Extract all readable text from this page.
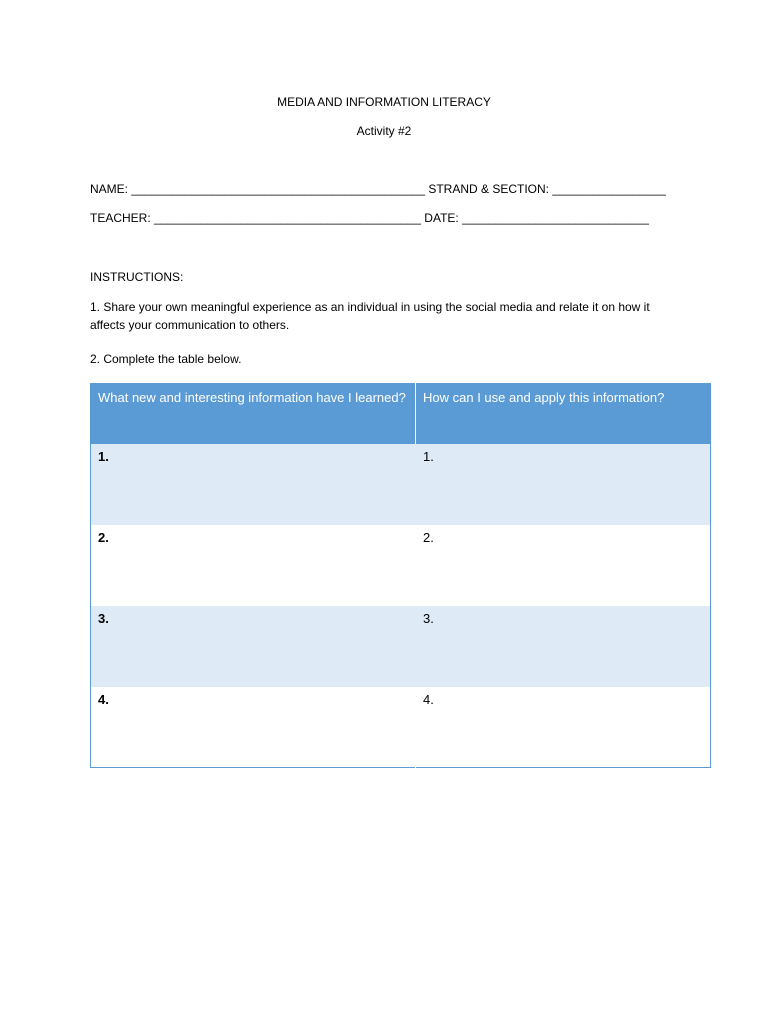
MEDIA AND INFORMATION LITERACY
Activity #2
NAME: ____________________________________________ STRAND & SECTION: _________________
TEACHER: ________________________________________ DATE: ____________________________
INSTRUCTIONS:
1. Share your own meaningful experience as an individual in using the social media and relate it on how it affects your communication to others.
2. Complete the table below.
What new and interesting information have I learned?	How can I use and apply this information?
1.	1.
2.	2.
3.	3.
4.	4.
